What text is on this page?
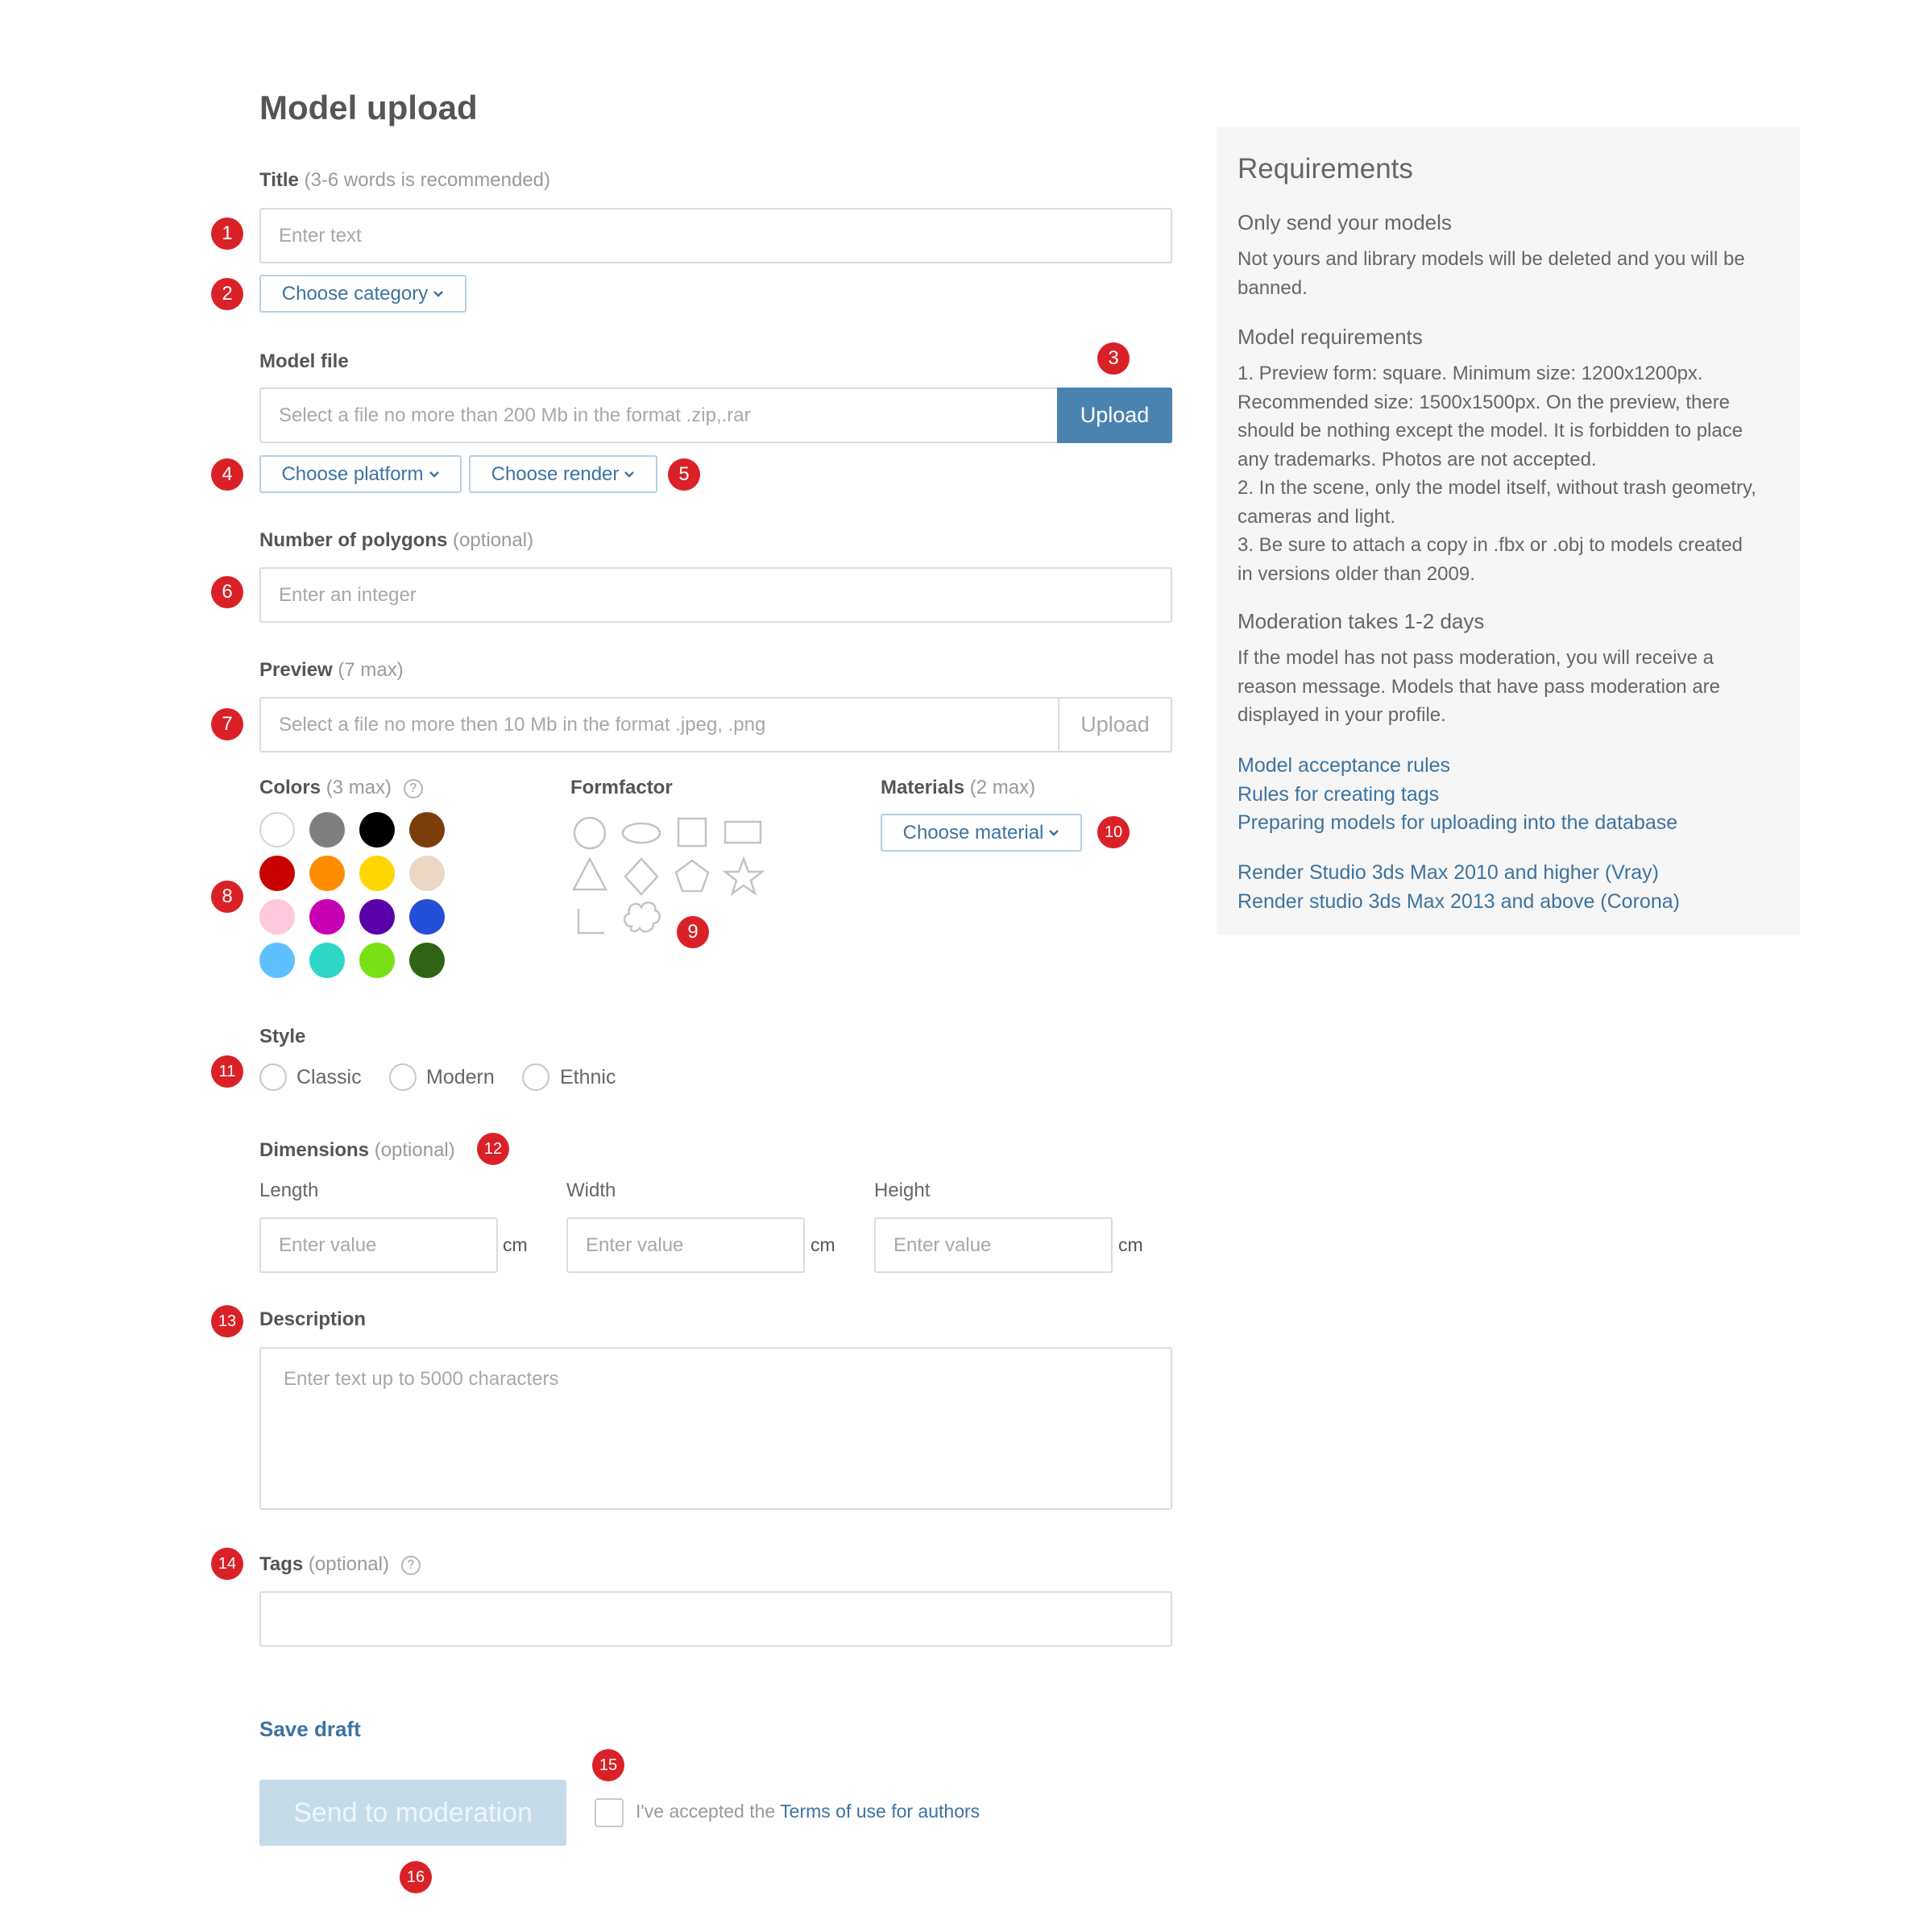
Model upload
Title (3-6 words is recommended)
Enter text
Choose category
Model file
Select a file no more than 200 Mb in the format .zip,.rar	Upload
Choose platform	Choose render
Number of polygons (optional)
Enter an integer
Preview (7 max)
Select a file no more then 10 Mb in the format .jpeg, .png	Upload
Colors (3 max) ?	Formfactor	Materials (2 max)
Choose material
Style
Classic	Modern	Ethnic
Dimensions (optional)
Length
Enter value	cm
Width
Enter value	cm
Height
Enter value	cm
Description
Enter text up to 5000 characters
Tags (optional) ?
Save draft
Send to moderation	I've accepted the Terms of use for authors
Requirements
Only send your models
Not yours and library models will be deleted and you will be
banned.
Model requirements
1. Preview form: square. Minimum size: 1200x1200px.
Recommended size: 1500x1500px. On the preview, there
should be nothing except the model. It is forbidden to place
any trademarks. Photos are not accepted.
2. In the scene, only the model itself, without trash geometry,
cameras and light.
3. Be sure to attach a copy in .fbx or .obj to models created
in versions older than 2009.
Moderation takes 1-2 days
If the model has not pass moderation, you will receive a
reason message. Models that have pass moderation are
displayed in your profile.
Model acceptance rules
Rules for creating tags
Preparing models for uploading into the database
Render Studio 3ds Max 2010 and higher (Vray)
Render studio 3ds Max 2013 and above (Corona)
1
2
3
4	5
6
7
8
9
10
11
12
13
14
15
16
